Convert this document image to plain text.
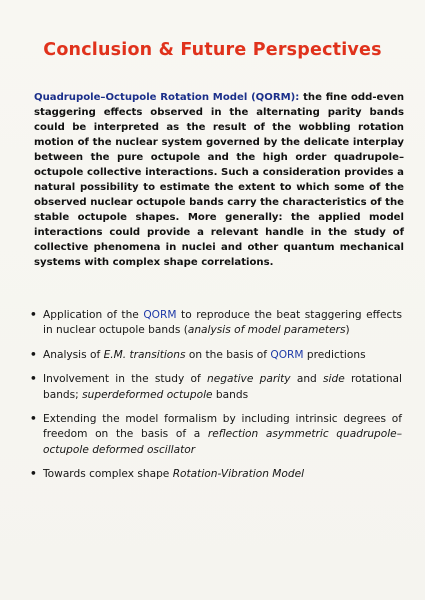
Conclusion & Future Perspectives
Quadrupole–Octupole Rotation Model (QORM): the fine odd-even staggering effects observed in the alternating parity bands could be interpreted as the result of the wobbling rotation motion of the nuclear system governed by the delicate interplay between the pure octupole and the high order quadrupole–octupole collective interactions. Such a consideration provides a natural possibility to estimate the extent to which some of the observed nuclear octupole bands carry the characteristics of the stable octupole shapes. More generally: the applied model interactions could provide a relevant handle in the study of collective phenomena in nuclei and other quantum mechanical systems with complex shape correlations.
• Application of the QORM to reproduce the beat staggering effects in nuclear octupole bands (analysis of model parameters)
• Analysis of E.M. transitions on the basis of QORM predictions
• Involvement in the study of negative parity and side rotational bands; superdeformed octupole bands
• Extending the model formalism by including intrinsic degrees of freedom on the basis of a reflection asymmetric quadrupole–octupole deformed oscillator
• Towards complex shape Rotation-Vibration Model
